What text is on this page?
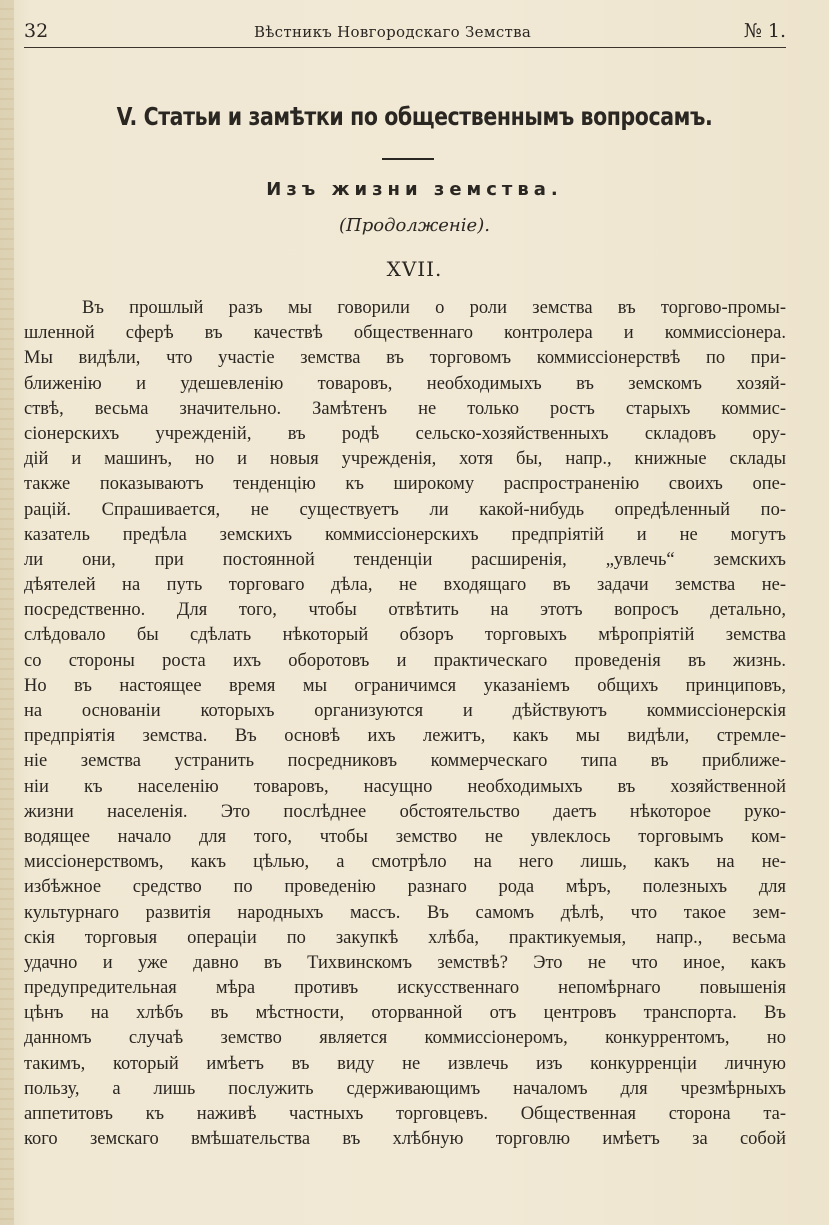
32	Вѣстникъ Новгородскаго Земства	№ 1.
V. Статьи и замѣтки по общественнымъ вопросамъ.
Изъ жизни земства.
(Продолженіе).
XVII.
Въ прошлый разъ мы говорили о роли земства въ торгово-промы-
шленной сферѣ въ качествѣ общественнаго контролера и коммиссіонера.
Мы видѣли, что участіе земства въ торговомъ коммиссіонерствѣ по при-
ближенію и удешевленію товаровъ, необходимыхъ въ земскомъ хозяй-
ствѣ, весьма значительно. Замѣтенъ не только ростъ старыхъ коммис-
сіонерскихъ учрежденій, въ родѣ сельско-хозяйственныхъ складовъ ору-
дій и машинъ, но и новыя учрежденія, хотя бы, напр., книжные склады
также показываютъ тенденцію къ широкому распространенію своихъ опе-
рацій. Спрашивается, не существуетъ ли какой-нибудь опредѣленный по-
казатель предѣла земскихъ коммиссіонерскихъ предпріятій и не могутъ
ли они, при постоянной тенденціи расширенія, „увлечь“ земскихъ
дѣятелей на путь торговаго дѣла, не входящаго въ задачи земства не-
посредственно. Для того, чтобы отвѣтить на этотъ вопросъ детально,
слѣдовало бы сдѣлать нѣкоторый обзоръ торговыхъ мѣропріятій земства
со стороны роста ихъ оборотовъ и практическаго проведенія въ жизнь.
Но въ настоящее время мы ограничимся указаніемъ общихъ принциповъ,
на основаніи которыхъ организуются и дѣйствуютъ коммиссіонерскія
предпріятія земства. Въ основѣ ихъ лежитъ, какъ мы видѣли, стремле-
ніе земства устранить посредниковъ коммерческаго типа въ приближе-
ніи къ населенію товаровъ, насущно необходимыхъ въ хозяйственной
жизни населенія. Это послѣднее обстоятельство даетъ нѣкоторое руко-
водящее начало для того, чтобы земство не увлеклось торговымъ ком-
миссіонерствомъ, какъ цѣлью, а смотрѣло на него лишь, какъ на не-
избѣжное средство по проведенію разнаго рода мѣръ, полезныхъ для
культурнаго развитія народныхъ массъ. Въ самомъ дѣлѣ, что такое зем-
скія торговыя операціи по закупкѣ хлѣба, практикуемыя, напр., весьма
удачно и уже давно въ Тихвинскомъ земствѣ? Это не что иное, какъ
предупредительная мѣра противъ искусственнаго непомѣрнаго повышенія
цѣнъ на хлѣбъ въ мѣстности, оторванной отъ центровъ транспорта. Въ
данномъ случаѣ земство является коммиссіонеромъ, конкуррентомъ, но
такимъ, который имѣетъ въ виду не извлечь изъ конкурренціи личную
пользу, а лишь послужить сдерживающимъ началомъ для чрезмѣрныхъ
аппетитовъ къ наживѣ частныхъ торговцевъ. Общественная сторона та-
кого земскаго вмѣшательства въ хлѣбную торговлю имѣетъ за собой
